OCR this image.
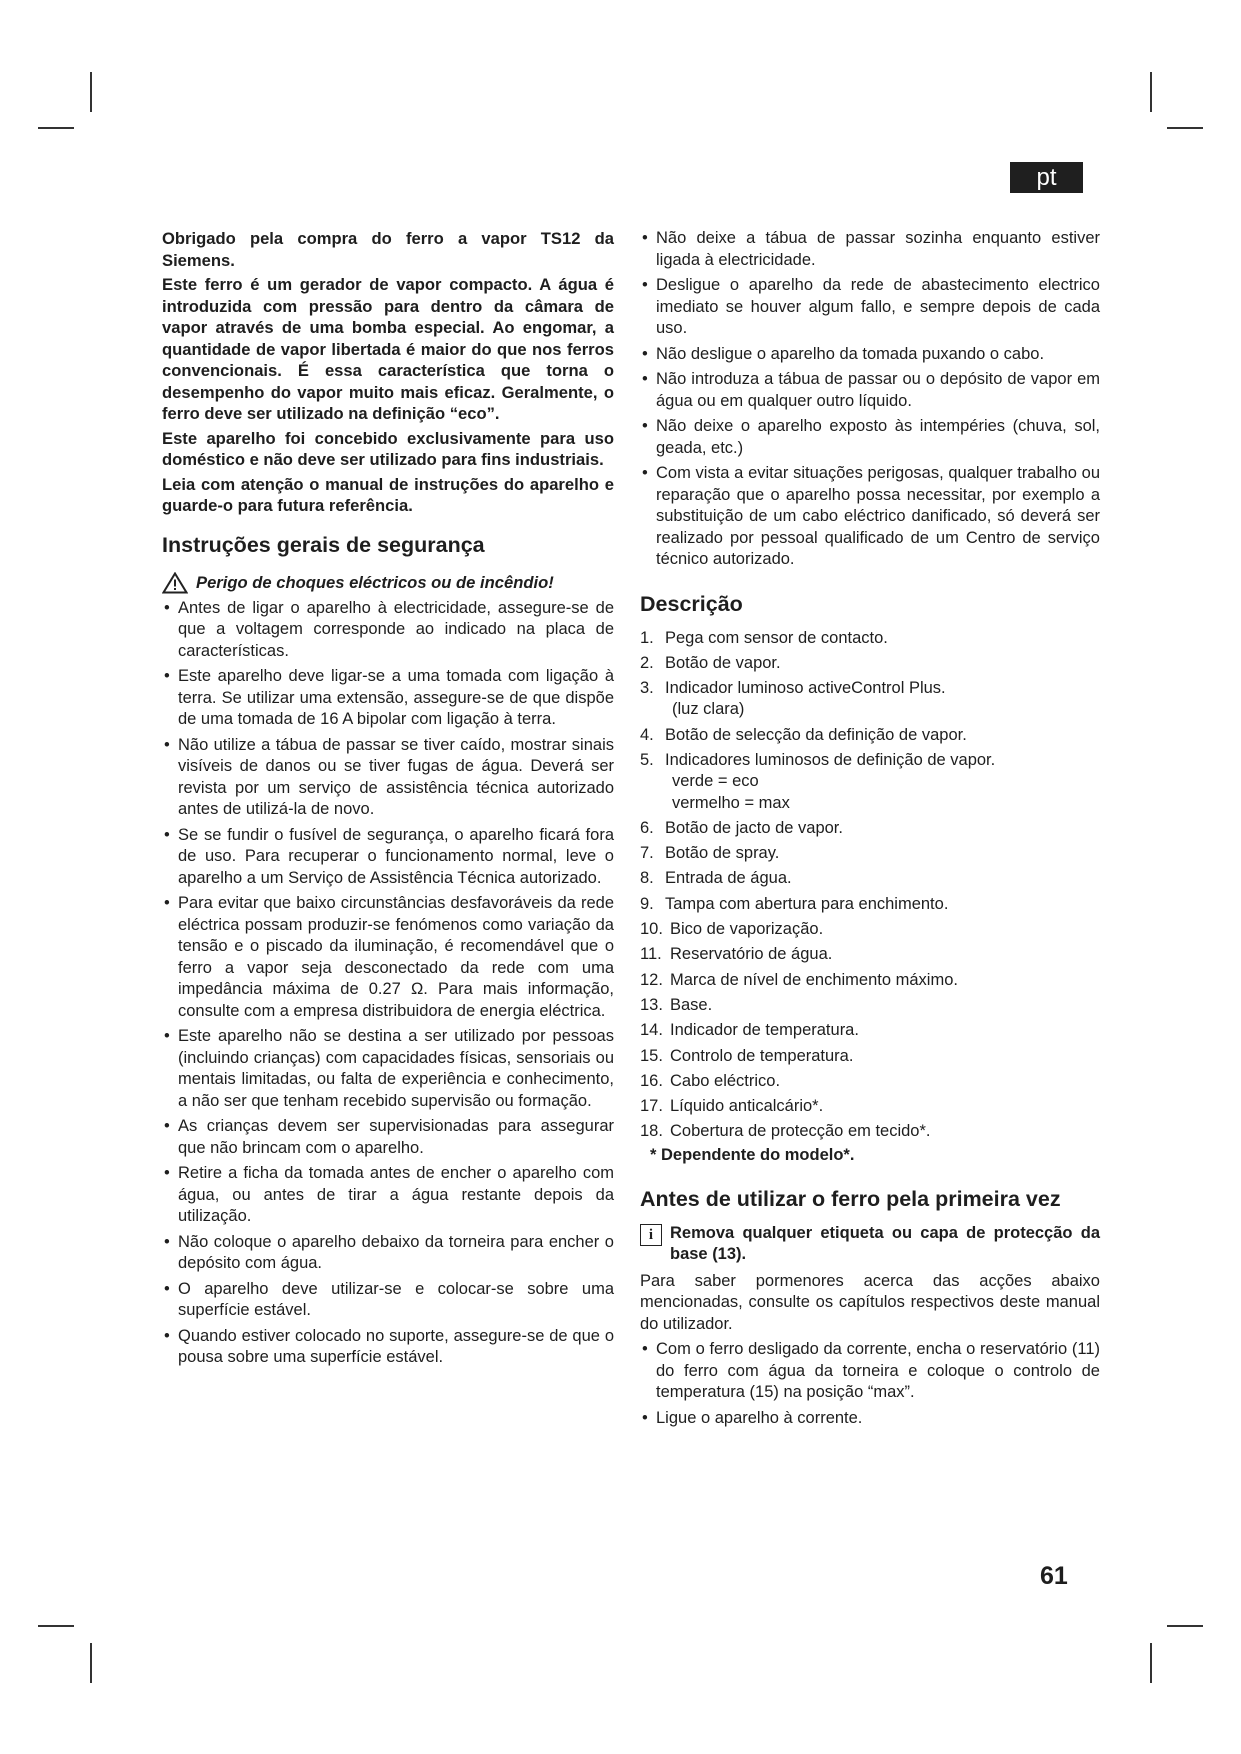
pt

Obrigado pela compra do ferro a vapor TS12 da Siemens.

Este ferro é um gerador de vapor compacto. A água é introduzida com pressão para dentro da câmara de vapor através de uma bomba especial. Ao engomar, a quantidade de vapor libertada é maior do que nos ferros convencionais. É essa característica que torna o desempenho do vapor muito mais eficaz. Geralmente, o ferro deve ser utilizado na definição “eco”.

Este aparelho foi concebido exclusivamente para uso doméstico e não deve ser utilizado para fins industriais.

Leia com atenção o manual de instruções do aparelho e guarde-o para futura referência.

Instruções gerais de segurança
Perigo de choques eléctricos ou de incêndio!
• Antes de ligar o aparelho à electricidade, assegure-se de que a voltagem corresponde ao indicado na placa de características.
• Este aparelho deve ligar-se a uma tomada com ligação à terra. Se utilizar uma extensão, assegure-se de que dispõe de uma tomada de 16 A bipolar com ligação à terra.
• Não utilize a tábua de passar se tiver caído, mostrar sinais visíveis de danos ou se tiver fugas de água. Deverá ser revista por um serviço de assistência técnica autorizado antes de utilizá-la de novo.
• Se se fundir o fusível de segurança, o aparelho ficará fora de uso. Para recuperar o funcionamento normal, leve o aparelho a um Serviço de Assistência Técnica autorizado.
• Para evitar que baixo circunstâncias desfavoráveis da rede eléctrica possam produzir-se fenómenos como variação da tensão e o piscado da iluminação, é recomendável que o ferro a vapor seja desconectado da rede com uma impedância máxima de 0.27 Ω. Para mais informação, consulte com a empresa distribuidora de energia eléctrica.
• Este aparelho não se destina a ser utilizado por pessoas (incluindo crianças) com capacidades físicas, sensoriais ou mentais limitadas, ou falta de experiência e conhecimento, a não ser que tenham recebido supervisão ou formação.
• As crianças devem ser supervisionadas para assegurar que não brincam com o aparelho.
• Retire a ficha da tomada antes de encher o aparelho com água, ou antes de tirar a água restante depois da utilização.
• Não coloque o aparelho debaixo da torneira para encher o depósito com água.
• O aparelho deve utilizar-se e colocar-se sobre uma superfície estável.
• Quando estiver colocado no suporte, assegure-se de que o pousa sobre uma superfície estável.
• Não deixe a tábua de passar sozinha enquanto estiver ligada à electricidade.
• Desligue o aparelho da rede de abastecimento electrico imediato se houver algum fallo, e sempre depois de cada uso.
• Não desligue o aparelho da tomada puxando o cabo.
• Não introduza a tábua de passar ou o depósito de vapor em água ou em qualquer outro líquido.
• Não deixe o aparelho exposto às intempéries (chuva, sol, geada, etc.)
• Com vista a evitar situações perigosas, qualquer trabalho ou reparação que o aparelho possa necessitar, por exemplo a substituição de um cabo eléctrico danificado, só deverá ser realizado por pessoal qualificado de um Centro de serviço técnico autorizado.
Descrição
1. Pega com sensor de contacto.
2. Botão de vapor.
3. Indicador luminoso activeControl Plus.
(luz clara)
4. Botão de selecção da definição de vapor.
5. Indicadores luminosos de definição de vapor.
verde = eco
vermelho = max
6. Botão de jacto de vapor.
7. Botão de spray.
8. Entrada de água.
9. Tampa com abertura para enchimento.
10. Bico de vaporização.
11. Reservatório de água.
12. Marca de nível de enchimento máximo.
13. Base.
14. Indicador de temperatura.
15. Controlo de temperatura.
16. Cabo eléctrico.
17. Líquido anticalcário*.
18. Cobertura de protecção em tecido*.
* Dependente do modelo*.
Antes de utilizar o ferro pela primeira vez
i	Remova qualquer etiqueta ou capa de protecção da base (13).

Para saber pormenores acerca das acções abaixo mencionadas, consulte os capítulos respectivos deste manual do utilizador.

• Com o ferro desligado da corrente, encha o reservatório (11) do ferro com água da torneira e coloque o controlo de temperatura (15) na posição “max”.
• Ligue o aparelho à corrente.
61
